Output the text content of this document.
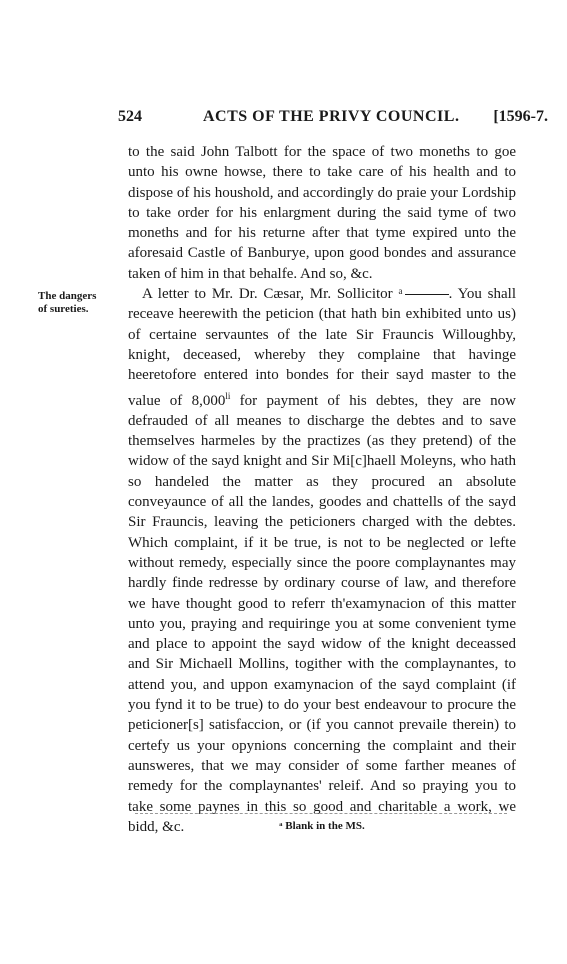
524	ACTS OF THE PRIVY COUNCIL. [1596-7.
The dangers
of sureties.

to the said John Talbott for the space of two moneths to goe unto his owne howse, there to take care of his health and to dispose of his houshold, and accordingly do praie your Lordship to take order for his enlargment during the said tyme of two moneths and for his returne after that tyme expired unto the aforesaid Castle of Banburye, upon good bondes and assurance taken of him in that behalfe. And so, &c.

A letter to Mr. Dr. Cæsar, Mr. Sollicitor ᵃ	. You shall receave heerewith the peticion (that hath bin exhibited unto us) of certaine servauntes of the late Sir Frauncis Willoughby, knight, deceased, whereby they complaine that havinge heeretofore entered into bondes for their sayd master to the value of $8,000^{li}$ for payment of his debtes, they are now defrauded of all meanes to discharge the debtes and to save themselves harmeles by the practizes (as they pretend) of the widow of the sayd knight and Sir Mi[c]haell Moleyns, who hath so handeled the matter as they procured an absolute conveyaunce of all the landes, goodes and chattells of the sayd Sir Frauncis, leaving the peticioners charged with the debtes. Which complaint, if it be true, is not to be neglected or lefte without remedy, especially since the poore complaynantes may hardly finde redresse by ordinary course of law, and therefore we have thought good to referr th'examynacion of this matter unto you, praying and requiringe you at some convenient tyme and place to appoint the sayd widow of the knight deceassed and Sir Michaell Mollins, togither with the complaynantes, to attend you, and uppon examynacion of the sayd complaint (if you fynd it to be true) to do your best endeavour to procure the peticioner[s] satisfaccion, or (if you cannot prevaile therein) to certefy us your opynions concerning the complaint and their aunsweres, that we may consider of some farther meanes of remedy for the complaynantes' releif. And so praying you to take some paynes in this so good and charitable a work, we bidd, &c.	ᵃ Blank in the MS.
